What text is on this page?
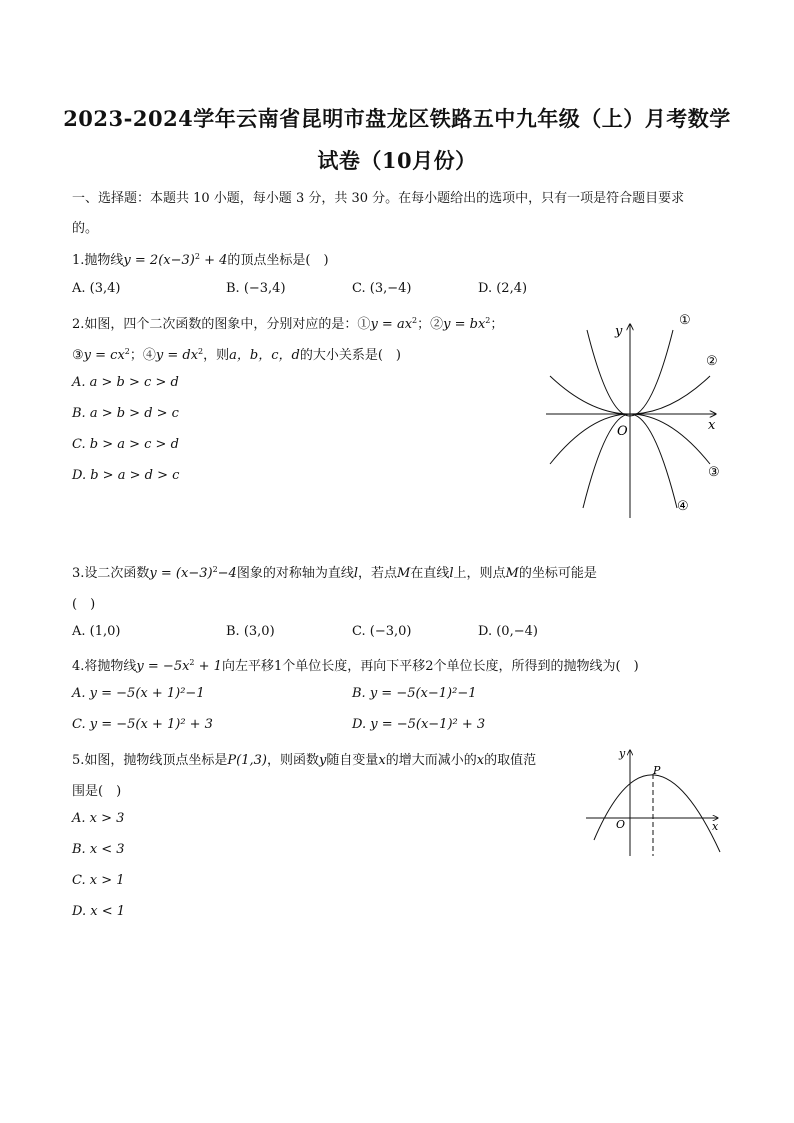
2023-2024学年云南省昆明市盘龙区铁路五中九年级（上）月考数学
试卷（10月份）
一、选择题：本题共 10 小题，每小题 3 分，共 30 分。在每小题给出的选项中，只有一项是符合题目要求
的。
1.抛物线$y = 2(x-3)^2 + 4$的顶点坐标是(　)
A. (3,4)	B. (−3,4)	C. (3,−4)	D. (2,4)
2.如图，四个二次函数的图象中，分别对应的是：①y = $ax^2$；②y = $bx^2$；
③y = $cx^2$；④y = $dx^2$，则a，b，c，d的大小关系是(　)
A. a > b > c > d
B. a > b > d > c
C. b > a > c > d
D. b > a > d > c
y
x
O
①
②
③
④
3.设二次函数$y = (x-3)^2-4$图象的对称轴为直线l，若点M在直线l上，则点M的坐标可能是
(　)
A. (1,0)	B. (3,0)	C. (−3,0)	D. (0,−4)
4.将抛物线$y = -5x^2 + 1$向左平移1个单位长度，再向下平移2个单位长度，所得到的抛物线为(　)
A. y = −5(x + 1)²−1	B. y = −5(x−1)²−1
C. y = −5(x + 1)² + 3	D. y = −5(x−1)² + 3
5.如图，抛物线顶点坐标是P(1,3)，则函数y随自变量x的增大而减小的x的取值范
围是(　)
A. x > 3
B. x < 3
C. x > 1
D. x < 1
y
x
O
P
